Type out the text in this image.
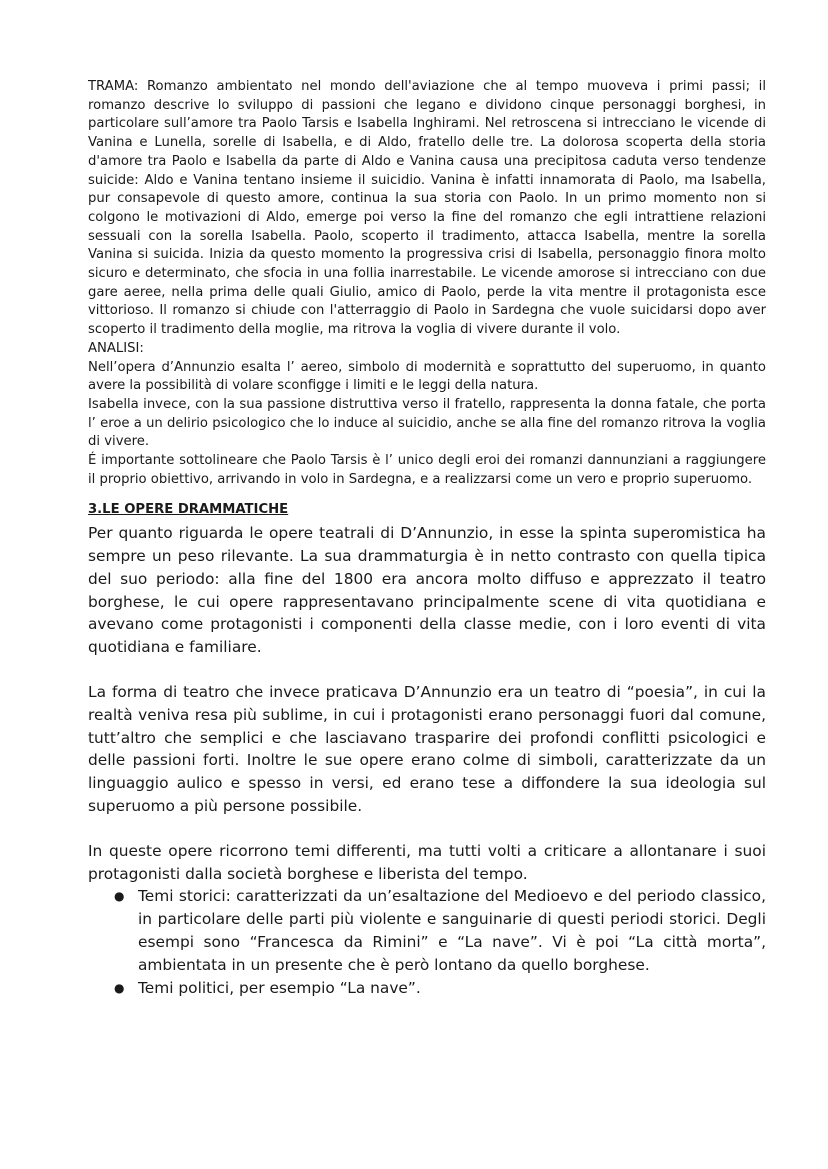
TRAMA: Romanzo ambientato nel mondo dell'aviazione che al tempo muoveva i primi passi; il romanzo descrive lo sviluppo di passioni che legano e dividono cinque personaggi borghesi, in particolare sull’amore tra Paolo Tarsis e Isabella Inghirami. Nel retroscena si intrecciano le vicende di Vanina e Lunella, sorelle di Isabella, e di Aldo, fratello delle tre. La dolorosa scoperta della storia d'amore tra Paolo e Isabella da parte di Aldo e Vanina causa una precipitosa caduta verso tendenze suicide: Aldo e Vanina tentano insieme il suicidio. Vanina è infatti innamorata di Paolo, ma Isabella, pur consapevole di questo amore, continua la sua storia con Paolo. In un primo momento non si colgono le motivazioni di Aldo, emerge poi verso la fine del romanzo che egli intrattiene relazioni sessuali con la sorella Isabella. Paolo, scoperto il tradimento, attacca Isabella, mentre la sorella Vanina si suicida. Inizia da questo momento la progressiva crisi di Isabella, personaggio finora molto sicuro e determinato, che sfocia in una follia inarrestabile. Le vicende amorose si intrecciano con due gare aeree, nella prima delle quali Giulio, amico di Paolo, perde la vita mentre il protagonista esce vittorioso. Il romanzo si chiude con l'atterraggio di Paolo in Sardegna che vuole suicidarsi dopo aver scoperto il tradimento della moglie, ma ritrova la voglia di vivere durante il volo.

ANALISI:

Nell’opera d’Annunzio esalta l’ aereo, simbolo di modernità e soprattutto del superuomo, in quanto avere la possibilità di volare sconfigge i limiti e le leggi della natura.

Isabella invece, con la sua passione distruttiva verso il fratello, rappresenta la donna fatale, che porta l’ eroe a un delirio psicologico che lo induce al suicidio, anche se alla fine del romanzo ritrova la voglia di vivere.

É importante sottolineare che Paolo Tarsis è l’ unico degli eroi dei romanzi dannunziani a raggiungere il proprio obiettivo, arrivando in volo in Sardegna, e a realizzarsi come un vero e proprio superuomo.

3.LE OPERE DRAMMATICHE

Per quanto riguarda le opere teatrali di D’Annunzio, in esse la spinta superomistica ha sempre un peso rilevante. La sua drammaturgia è in netto contrasto con quella tipica del suo periodo: alla fine del 1800 era ancora molto diffuso e apprezzato il teatro borghese, le cui opere rappresentavano principalmente scene di vita quotidiana e avevano come protagonisti i componenti della classe medie, con i loro eventi di vita quotidiana e familiare.

La forma di teatro che invece praticava D’Annunzio era un teatro di “poesia”, in cui la realtà veniva resa più sublime, in cui i protagonisti erano personaggi fuori dal comune, tutt’altro che semplici e che lasciavano trasparire dei profondi conflitti psicologici e delle passioni forti. Inoltre le sue opere erano colme di simboli, caratterizzate da un linguaggio aulico e spesso in versi, ed erano tese a diffondere la sua ideologia sul superuomo a più persone possibile.

In queste opere ricorrono temi differenti, ma tutti volti a criticare a allontanare i suoi protagonisti dalla società borghese e liberista del tempo.

● Temi storici: caratterizzati da un’esaltazione del Medioevo e del periodo classico, in particolare delle parti più violente e sanguinarie di questi periodi storici. Degli esempi sono “Francesca da Rimini” e “La nave”. Vi è poi “La città morta”, ambientata in un presente che è però lontano da quello borghese.
● Temi politici, per esempio “La nave”.
